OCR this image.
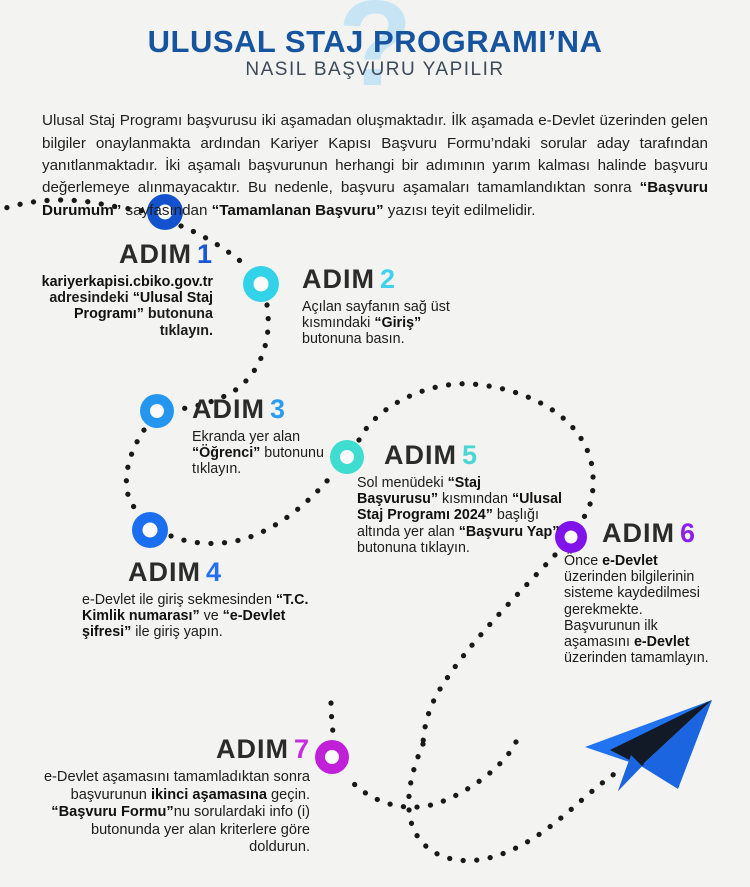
?
ULUSAL STAJ PROGRAMI’NA
NASIL BAŞVURU YAPILIR

Ulusal Staj Programı başvurusu iki aşamadan oluşmaktadır. İlk aşamada e-Devlet üzerinden gelen bilgiler onaylanmakta ardından Kariyer Kapısı Başvuru Formu’ndaki sorular aday tarafından yanıtlanmaktadır. İki aşamalı başvurunun herhangi bir adımının yarım kalması halinde başvuru değerlemeye alınmayacaktır. Bu nedenle, başvuru aşamaları tamamlandıktan sonra “Başvuru Durumum” sayfasından “Tamamlanan Başvuru” yazısı teyit edilmelidir.

ADIM 1
kariyerkapisi.cbiko.gov.tr adresindeki “Ulusal Staj Programı” butonuna tıklayın.
ADIM 2
Açılan sayfanın sağ üst kısmındaki “Giriş” butonuna basın.
ADIM 3
Ekranda yer alan “Öğrenci” butonunu tıklayın.
ADIM 4
e-Devlet ile giriş sekmesinden “T.C. Kimlik numarası” ve “e-Devlet şifresi” ile giriş yapın.
ADIM 5
Sol menüdeki “Staj Başvurusu” kısmından “Ulusal Staj Programı 2024” başlığı altında yer alan “Başvuru Yap” butonuna tıklayın.	ADIM 6
Önce e-Devlet üzerinden bilgilerinin sisteme kaydedilmesi gerekmekte. Başvurunun ilk aşamasını e-Devlet üzerinden tamamlayın.
ADIM 7
e-Devlet aşamasını tamamladıktan sonra başvurunun ikinci aşamasına geçin. “Başvuru Formu”nu sorulardaki info (i) butonunda yer alan kriterlere göre doldurun.
